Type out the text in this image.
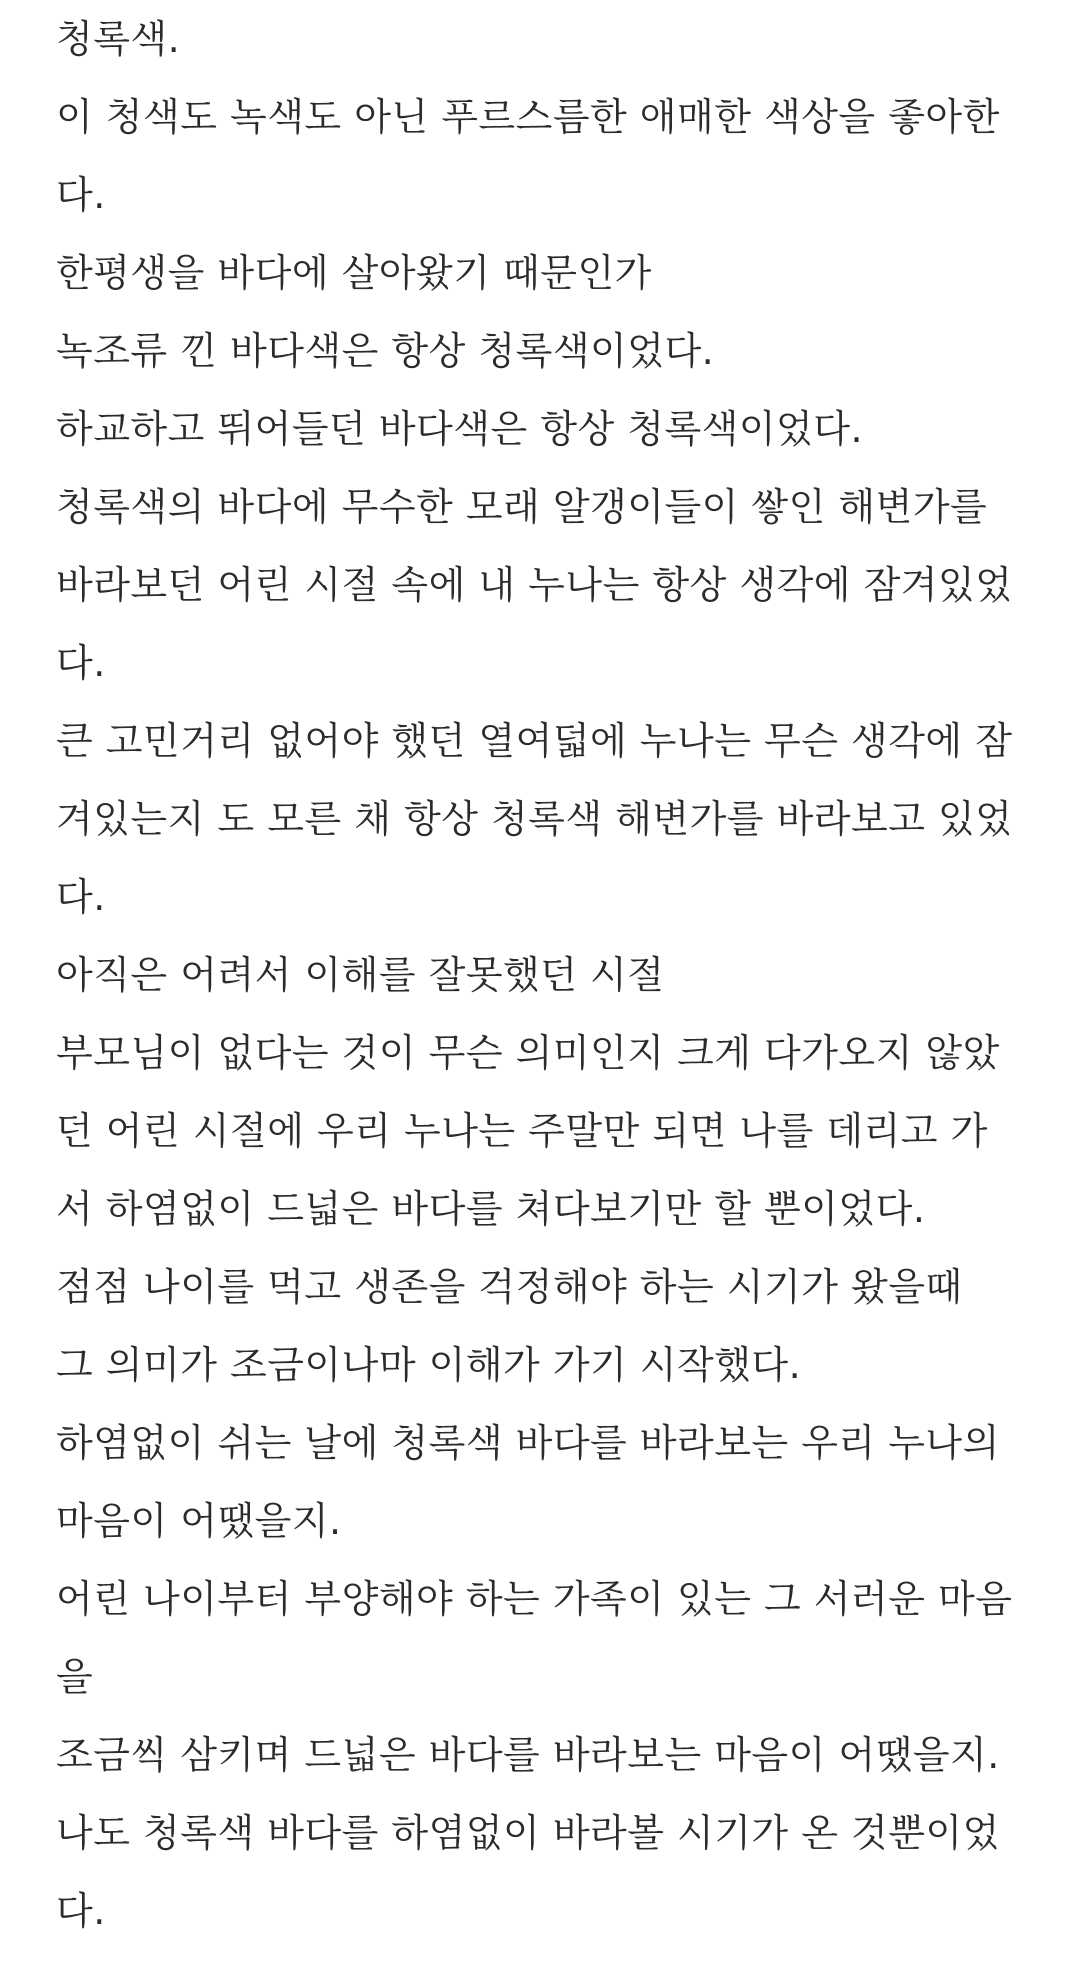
청록색.
이 청색도 녹색도 아닌 푸르스름한 애매한 색상을 좋아한
다.
한평생을 바다에 살아왔기 때문인가
녹조류 낀 바다색은 항상 청록색이었다.
하교하고 뛰어들던 바다색은 항상 청록색이었다.
청록색의 바다에 무수한 모래 알갱이들이 쌓인 해변가를
바라보던 어린 시절 속에 내 누나는 항상 생각에 잠겨있었
다.
큰 고민거리 없어야 했던 열여덟에 누나는 무슨 생각에 잠
겨있는지 도 모른 채 항상 청록색 해변가를 바라보고 있었
다.
아직은 어려서 이해를 잘못했던 시절
부모님이 없다는 것이 무슨 의미인지 크게 다가오지 않았
던 어린 시절에 우리 누나는 주말만 되면 나를 데리고 가
서 하염없이 드넓은 바다를 쳐다보기만 할 뿐이었다.
점점 나이를 먹고 생존을 걱정해야 하는 시기가 왔을때
그 의미가 조금이나마 이해가 가기 시작했다.
하염없이 쉬는 날에 청록색 바다를 바라보는 우리 누나의
마음이 어땠을지.
어린 나이부터 부양해야 하는 가족이 있는 그 서러운 마음
을
조금씩 삼키며 드넓은 바다를 바라보는 마음이 어땠을지.
나도 청록색 바다를 하염없이 바라볼 시기가 온 것뿐이었
다.
